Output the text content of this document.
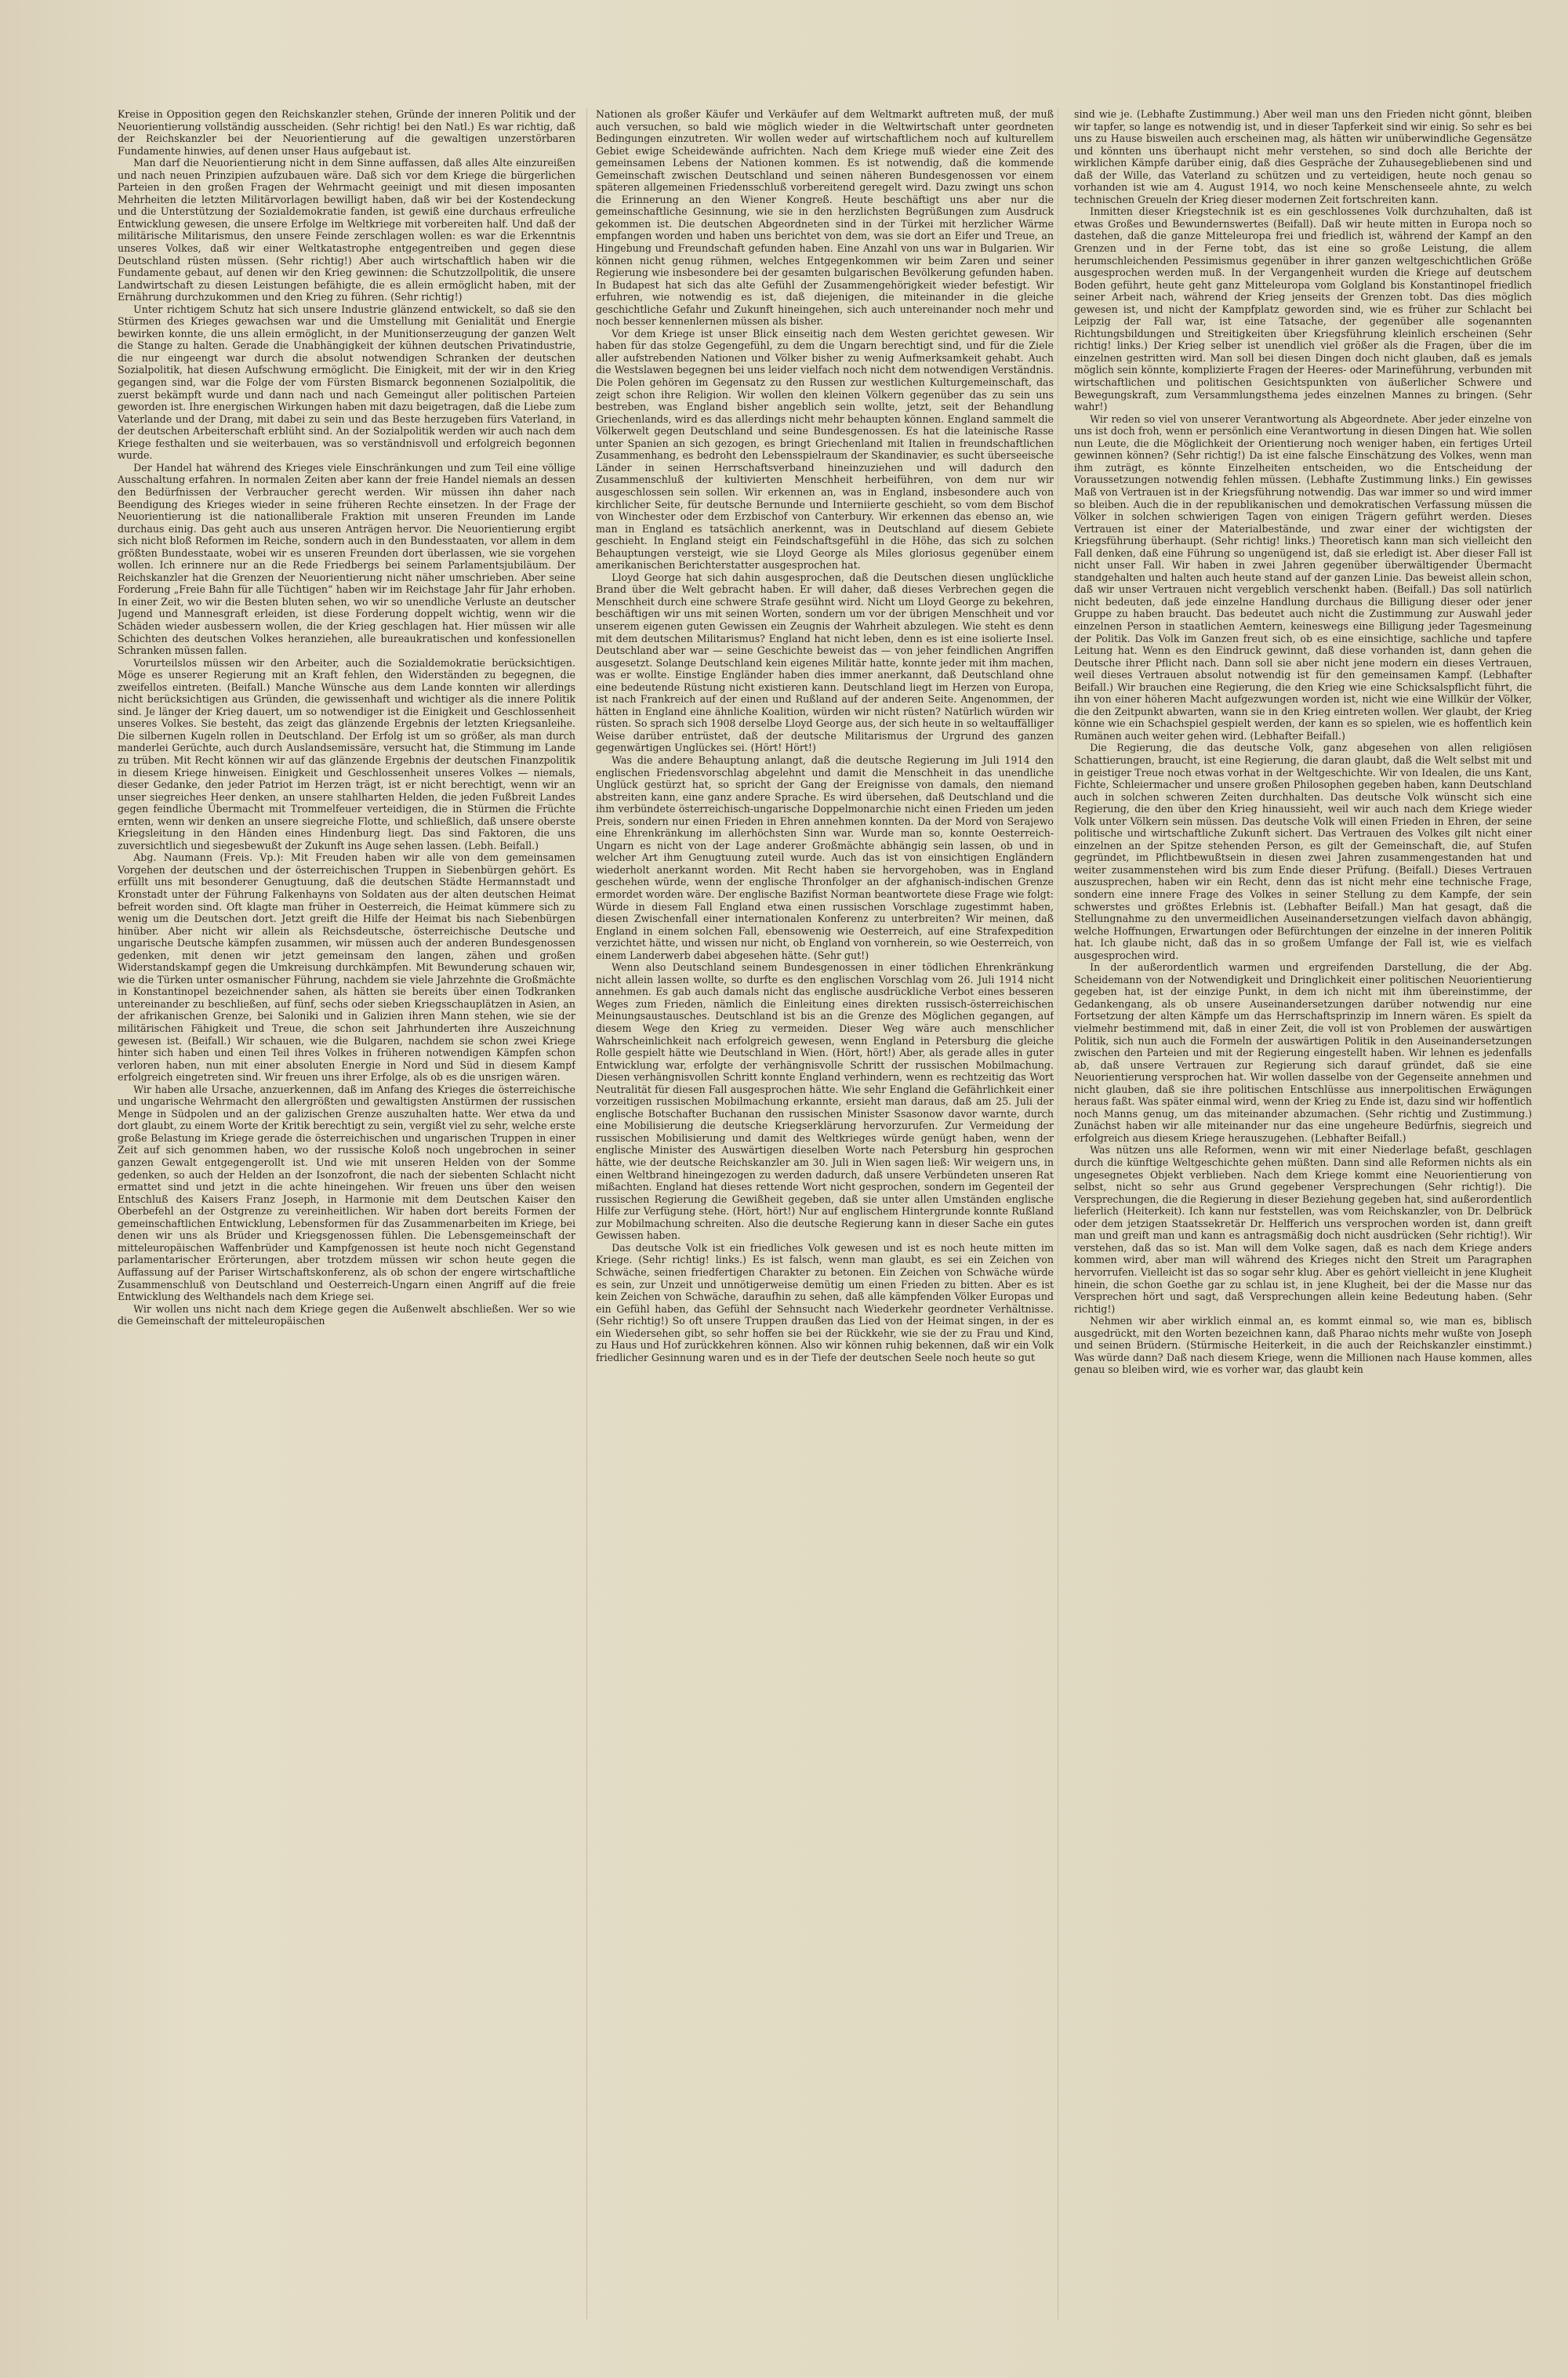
Kreise in Opposition gegen den Reichskanzler stehen, Gründe der inneren Politik und der Neuorientierung vollständig ausscheiden. (Sehr richtig! bei den Natl.) Es war richtig, daß der Reichskanzler bei der Neuorientierung auf die gewaltigen unzerstörbaren Fundamente hinwies, auf denen unser Haus aufgebaut ist.

Man darf die Neuorientierung nicht in dem Sinne auffassen, daß alles Alte einzureißen und nach neuen Prinzipien aufzubauen wäre. Daß sich vor dem Kriege die bürgerlichen Parteien in den großen Fragen der Wehrmacht geeinigt und mit diesen imposanten Mehrheiten die letzten Militärvorlagen bewilligt haben, daß wir bei der Kostendeckung und die Unterstützung der Sozialdemokratie fanden, ist gewiß eine durchaus erfreuliche Entwicklung gewesen, die unsere Erfolge im Weltkriege mit vorbereiten half. Und daß der militärische Militarismus, den unsere Feinde zerschlagen wollen: es war die Erkenntnis unseres Volkes, daß wir einer Weltkatastrophe entgegentreiben und gegen diese Deutschland rüsten müssen. (Sehr richtig!) Aber auch wirtschaftlich haben wir die Fundamente gebaut, auf denen wir den Krieg gewinnen: die Schutzzollpolitik, die unsere Landwirtschaft zu diesen Leistungen befähigte, die es allein ermöglicht haben, mit der Ernährung durchzukommen und den Krieg zu führen. (Sehr richtig!)

Unter richtigem Schutz hat sich unsere Industrie glänzend entwickelt, so daß sie den Stürmen des Krieges gewachsen war und die Umstellung mit Genialität und Energie bewirken konnte, die uns allein ermöglicht, in der Munitionserzeugung der ganzen Welt die Stange zu halten. Gerade die Unabhängigkeit der kühnen deutschen Privatindustrie, die nur eingeengt war durch die absolut notwendigen Schranken der deutschen Sozialpolitik, hat diesen Aufschwung ermöglicht. Die Einigkeit, mit der wir in den Krieg gegangen sind, war die Folge der vom Fürsten Bismarck begonnenen Sozialpolitik, die zuerst bekämpft wurde und dann nach und nach Gemeingut aller politischen Parteien geworden ist. Ihre energischen Wirkungen haben mit dazu beigetragen, daß die Liebe zum Vaterlande und der Drang, mit dabei zu sein und das Beste herzugeben fürs Vaterland, in der deutschen Arbeiterschaft erblüht sind. An der Sozialpolitik werden wir auch nach dem Kriege festhalten und sie weiterbauen, was so verständnisvoll und erfolgreich begonnen wurde.

Der Handel hat während des Krieges viele Einschränkungen und zum Teil eine völlige Ausschaltung erfahren. In normalen Zeiten aber kann der freie Handel niemals an dessen den Bedürfnissen der Verbraucher gerecht werden. Wir müssen ihn daher nach Beendigung des Krieges wieder in seine früheren Rechte einsetzen. In der Frage der Neuorientierung ist die nationalliberale Fraktion mit unseren Freunden im Lande durchaus einig. Das geht auch aus unseren Anträgen hervor. Die Neuorientierung ergibt sich nicht bloß Reformen im Reiche, sondern auch in den Bundesstaaten, vor allem in dem größten Bundesstaate, wobei wir es unseren Freunden dort überlassen, wie sie vorgehen wollen. Ich erinnere nur an die Rede Friedbergs bei seinem Parlamentsjubiläum. Der Reichskanzler hat die Grenzen der Neuorientierung nicht näher umschrieben. Aber seine Forderung „Freie Bahn für alle Tüchtigen“ haben wir im Reichstage Jahr für Jahr erhoben. In einer Zeit, wo wir die Besten bluten sehen, wo wir so unendliche Verluste an deutscher Jugend und Mannesgraft erleiden, ist diese Forderung doppelt wichtig, wenn wir die Schäden wieder ausbessern wollen, die der Krieg geschlagen hat. Hier müssen wir alle Schichten des deutschen Volkes heranziehen, alle bureaukratischen und konfessionellen Schranken müssen fallen.

Vorurteilslos müssen wir den Arbeiter, auch die Sozialdemokratie berücksichtigen. Möge es unserer Regierung mit an Kraft fehlen, den Widerständen zu begegnen, die zweifellos eintreten. (Beifall.) Manche Wünsche aus dem Lande konnten wir allerdings nicht berücksichtigen aus Gründen, die gewissenhaft und wichtiger als die innere Politik sind. Je länger der Krieg dauert, um so notwendiger ist die Einigkeit und Geschlossenheit unseres Volkes. Sie besteht, das zeigt das glänzende Ergebnis der letzten Kriegsanleihe. Die silbernen Kugeln rollen in Deutschland. Der Erfolg ist um so größer, als man durch manderlei Gerüchte, auch durch Auslandsemissäre, versucht hat, die Stimmung im Lande zu trüben. Mit Recht können wir auf das glänzende Ergebnis der deutschen Finanzpolitik in diesem Kriege hinweisen. Einigkeit und Geschlossenheit unseres Volkes — niemals, dieser Gedanke, den jeder Patriot im Herzen trägt, ist er nicht berechtigt, wenn wir an unser siegreiches Heer denken, an unsere stahlharten Helden, die jeden Fußbreit Landes gegen feindliche Übermacht mit Trommelfeuer verteidigen, die in Stürmen die Früchte ernten, wenn wir denken an unsere siegreiche Flotte, und schließlich, daß unsere oberste Kriegsleitung in den Händen eines Hindenburg liegt. Das sind Faktoren, die uns zuversichtlich und siegesbewußt der Zukunft ins Auge sehen lassen. (Lebh. Beifall.)

Abg. Naumann (Freis. Vp.): Mit Freuden haben wir alle von dem gemeinsamen Vorgehen der deutschen und der österreichischen Truppen in Siebenbürgen gehört. Es erfüllt uns mit besonderer Genugtuung, daß die deutschen Städte Hermannstadt und Kronstadt unter der Führung Falkenhayns von Soldaten aus der alten deutschen Heimat befreit worden sind. Oft klagte man früher in Oesterreich, die Heimat kümmere sich zu wenig um die Deutschen dort. Jetzt greift die Hilfe der Heimat bis nach Siebenbürgen hinüber. Aber nicht wir allein als Reichsdeutsche, österreichische Deutsche und ungarische Deutsche kämpfen zusammen, wir müssen auch der anderen Bundesgenossen gedenken, mit denen wir jetzt gemeinsam den langen, zähen und großen Widerstandskampf gegen die Umkreisung durchkämpfen. Mit Bewunderung schauen wir, wie die Türken unter osmanischer Führung, nachdem sie viele Jahrzehnte die Großmächte in Konstantinopel bezeichnender sahen, als hätten sie bereits über einen Todkranken untereinander zu beschließen, auf fünf, sechs oder sieben Kriegsschauplätzen in Asien, an der afrikanischen Grenze, bei Saloniki und in Galizien ihren Mann stehen, wie sie der militärischen Fähigkeit und Treue, die schon seit Jahrhunderten ihre Auszeichnung gewesen ist. (Beifall.) Wir schauen, wie die Bulgaren, nachdem sie schon zwei Kriege hinter sich haben und einen Teil ihres Volkes in früheren notwendigen Kämpfen schon verloren haben, nun mit einer absoluten Energie in Nord und Süd in diesem Kampf erfolgreich eingetreten sind. Wir freuen uns ihrer Erfolge, als ob es die unsrigen wären.

Wir haben alle Ursache, anzuerkennen, daß im Anfang des Krieges die österreichische und ungarische Wehrmacht den allergrößten und gewaltigsten Anstürmen der russischen Menge in Südpolen und an der galizischen Grenze auszuhalten hatte. Wer etwa da und dort glaubt, zu einem Worte der Kritik berechtigt zu sein, vergißt viel zu sehr, welche erste große Belastung im Kriege gerade die österreichischen und ungarischen Truppen in einer Zeit auf sich genommen haben, wo der russische Koloß noch ungebrochen in seiner ganzen Gewalt entgegengerollt ist. Und wie mit unseren Helden von der Somme gedenken, so auch der Helden an der Isonzofront, die nach der siebenten Schlacht nicht ermattet sind und jetzt in die achte hineingehen. Wir freuen uns über den weisen Entschluß des Kaisers Franz Joseph, in Harmonie mit dem Deutschen Kaiser den Oberbefehl an der Ostgrenze zu vereinheitlichen. Wir haben dort bereits Formen der gemeinschaftlichen Entwicklung, Lebensformen für das Zusammenarbeiten im Kriege, bei denen wir uns als Brüder und Kriegsgenossen fühlen. Die Lebensgemeinschaft der mitteleuropäischen Waffenbrüder und Kampfgenossen ist heute noch nicht Gegenstand parlamentarischer Erörterungen, aber trotzdem müssen wir schon heute gegen die Auffassung auf der Pariser Wirtschaftskonferenz, als ob schon der engere wirtschaftliche Zusammenschluß von Deutschland und Oesterreich-Ungarn einen Angriff auf die freie Entwicklung des Welthandels nach dem Kriege sei.

Wir wollen uns nicht nach dem Kriege gegen die Außenwelt abschließen. Wer so wie die Gemeinschaft der mitteleuropäischen

Nationen als großer Käufer und Verkäufer auf dem Weltmarkt auftreten muß, der muß auch versuchen, so bald wie möglich wieder in die Weltwirtschaft unter geordneten Bedingungen einzutreten. Wir wollen weder auf wirtschaftlichem noch auf kulturellem Gebiet ewige Scheidewände aufrichten. Nach dem Kriege muß wieder eine Zeit des gemeinsamen Lebens der Nationen kommen. Es ist notwendig, daß die kommende Gemeinschaft zwischen Deutschland und seinen näheren Bundesgenossen vor einem späteren allgemeinen Friedensschluß vorbereitend geregelt wird. Dazu zwingt uns schon die Erinnerung an den Wiener Kongreß. Heute beschäftigt uns aber nur die gemeinschaftliche Gesinnung, wie sie in den herzlichsten Begrüßungen zum Ausdruck gekommen ist. Die deutschen Abgeordneten sind in der Türkei mit herzlicher Wärme empfangen worden und haben uns berichtet von dem, was sie dort an Eifer und Treue, an Hingebung und Freundschaft gefunden haben. Eine Anzahl von uns war in Bulgarien. Wir können nicht genug rühmen, welches Entgegenkommen wir beim Zaren und seiner Regierung wie insbesondere bei der gesamten bulgarischen Bevölkerung gefunden haben. In Budapest hat sich das alte Gefühl der Zusammengehörigkeit wieder befestigt. Wir erfuhren, wie notwendig es ist, daß diejenigen, die miteinander in die gleiche geschichtliche Gefahr und Zukunft hineingehen, sich auch untereinander noch mehr und noch besser kennenlernen müssen als bisher.

Vor dem Kriege ist unser Blick einseitig nach dem Westen gerichtet gewesen. Wir haben für das stolze Gegengefühl, zu dem die Ungarn berechtigt sind, und für die Ziele aller aufstrebenden Nationen und Völker bisher zu wenig Aufmerksamkeit gehabt. Auch die Westslawen begegnen bei uns leider vielfach noch nicht dem notwendigen Verständnis. Die Polen gehören im Gegensatz zu den Russen zur westlichen Kulturgemeinschaft, das zeigt schon ihre Religion. Wir wollen den kleinen Völkern gegenüber das zu sein uns bestreben, was England bisher angeblich sein wollte, jetzt, seit der Behandlung Griechenlands, wird es das allerdings nicht mehr behaupten können. England sammelt die Völkerwelt gegen Deutschland und seine Bundesgenossen. Es hat die lateinische Rasse unter Spanien an sich gezogen, es bringt Griechenland mit Italien in freundschaftlichen Zusammenhang, es bedroht den Lebensspielraum der Skandinavier, es sucht überseeische Länder in seinen Herrschaftsverband hineinzuziehen und will dadurch den Zusammenschluß der kultivierten Menschheit herbeiführen, von dem nur wir ausgeschlossen sein sollen. Wir erkennen an, was in England, insbesondere auch von kirchlicher Seite, für deutsche Bernunde und Interniierte geschieht, so vom dem Bischof von Winchester oder dem Erzbischof von Canterbury. Wir erkennen das ebenso an, wie man in England es tatsächlich anerkennt, was in Deutschland auf diesem Gebiete geschieht. In England steigt ein Feindschaftsgefühl in die Höhe, das sich zu solchen Behauptungen versteigt, wie sie Lloyd George als Miles gloriosus gegenüber einem amerikanischen Berichterstatter ausgesprochen hat.

Lloyd George hat sich dahin ausgesprochen, daß die Deutschen diesen unglückliche Brand über die Welt gebracht haben. Er will daher, daß dieses Verbrechen gegen die Menschheit durch eine schwere Strafe gesühnt wird. Nicht um Lloyd George zu bekehren, beschäftigen wir uns mit seinen Worten, sondern um vor der übrigen Menschheit und vor unserem eigenen guten Gewissen ein Zeugnis der Wahrheit abzulegen. Wie steht es denn mit dem deutschen Militarismus? England hat nicht leben, denn es ist eine isolierte Insel. Deutschland aber war — seine Geschichte beweist das — von jeher feindlichen Angriffen ausgesetzt. Solange Deutschland kein eigenes Militär hatte, konnte jeder mit ihm machen, was er wollte. Einstige Engländer haben dies immer anerkannt, daß Deutschland ohne eine bedeutende Rüstung nicht existieren kann. Deutschland liegt im Herzen von Europa, ist nach Frankreich auf der einen und Rußland auf der anderen Seite. Angenommen, der hätten in England eine ähnliche Koalition, würden wir nicht rüsten? Natürlich würden wir rüsten. So sprach sich 1908 derselbe Lloyd George aus, der sich heute in so weltauffälliger Weise darüber entrüstet, daß der deutsche Militarismus der Urgrund des ganzen gegenwärtigen Unglückes sei. (Hört! Hört!)

Was die andere Behauptung anlangt, daß die deutsche Regierung im Juli 1914 den englischen Friedensvorschlag abgelehnt und damit die Menschheit in das unendliche Unglück gestürzt hat, so spricht der Gang der Ereignisse von damals, den niemand abstreiten kann, eine ganz andere Sprache. Es wird übersehen, daß Deutschland und die ihm verbündete österreichisch-ungarische Doppelmonarchie nicht einen Frieden um jeden Preis, sondern nur einen Frieden in Ehren annehmen konnten. Da der Mord von Serajewo eine Ehrenkränkung im allerhöchsten Sinn war. Wurde man so, konnte Oesterreich-Ungarn es nicht von der Lage anderer Großmächte abhängig sein lassen, ob und in welcher Art ihm Genugtuung zuteil wurde. Auch das ist von einsichtigen Engländern wiederholt anerkannt worden. Mit Recht haben sie hervorgehoben, was in England geschehen würde, wenn der englische Thronfolger an der afghanisch-indischen Grenze ermordet worden wäre. Der englische Bazifist Norman beantwortete diese Frage wie folgt: Würde in diesem Fall England etwa einen russischen Vorschlage zugestimmt haben, diesen Zwischenfall einer internationalen Konferenz zu unterbreiten? Wir meinen, daß England in einem solchen Fall, ebensowenig wie Oesterreich, auf eine Strafexpedition verzichtet hätte, und wissen nur nicht, ob England von vornherein, so wie Oesterreich, von einem Landerwerb dabei abgesehen hätte. (Sehr gut!)

Wenn also Deutschland seinem Bundesgenossen in einer tödlichen Ehrenkränkung nicht allein lassen wollte, so durfte es den englischen Vorschlag vom 26. Juli 1914 nicht annehmen. Es gab auch damals nicht das englische ausdrückliche Verbot eines besseren Weges zum Frieden, nämlich die Einleitung eines direkten russisch-österreichischen Meinungsaustausches. Deutschland ist bis an die Grenze des Möglichen gegangen, auf diesem Wege den Krieg zu vermeiden. Dieser Weg wäre auch menschlicher Wahrscheinlichkeit nach erfolgreich gewesen, wenn England in Petersburg die gleiche Rolle gespielt hätte wie Deutschland in Wien. (Hört, hört!) Aber, als gerade alles in guter Entwicklung war, erfolgte der verhängnisvolle Schritt der russischen Mobilmachung. Diesen verhängnisvollen Schritt konnte England verhindern, wenn es rechtzeitig das Wort Neutralität für diesen Fall ausgesprochen hätte. Wie sehr England die Gefährlichkeit einer vorzeitigen russischen Mobilmachung erkannte, ersieht man daraus, daß am 25. Juli der englische Botschafter Buchanan den russischen Minister Ssasonow davor warnte, durch eine Mobilisierung die deutsche Kriegserklärung hervorzurufen. Zur Vermeidung der russischen Mobilisierung und damit des Weltkrieges würde genügt haben, wenn der englische Minister des Auswärtigen dieselben Worte nach Petersburg hin gesprochen hätte, wie der deutsche Reichskanzler am 30. Juli in Wien sagen ließ: Wir weigern uns, in einen Weltbrand hineingezogen zu werden dadurch, daß unsere Verbündeten unseren Rat mißachten. England hat dieses rettende Wort nicht gesprochen, sondern im Gegenteil der russischen Regierung die Gewißheit gegeben, daß sie unter allen Umständen englische Hilfe zur Verfügung stehe. (Hört, hört!) Nur auf englischem Hintergrunde konnte Rußland zur Mobilmachung schreiten. Also die deutsche Regierung kann in dieser Sache ein gutes Gewissen haben.

Das deutsche Volk ist ein friedliches Volk gewesen und ist es noch heute mitten im Kriege. (Sehr richtig! links.) Es ist falsch, wenn man glaubt, es sei ein Zeichen von Schwäche, seinen friedfertigen Charakter zu betonen. Ein Zeichen von Schwäche würde es sein, zur Unzeit und unnötigerweise demütig um einen Frieden zu bitten. Aber es ist kein Zeichen von Schwäche, daraufhin zu sehen, daß alle kämpfenden Völker Europas und ein Gefühl haben, das Gefühl der Sehnsucht nach Wiederkehr geordneter Verhältnisse. (Sehr richtig!) So oft unsere Truppen draußen das Lied von der Heimat singen, in der es ein Wiedersehen gibt, so sehr hoffen sie bei der Rückkehr, wie sie der zu Frau und Kind, zu Haus und Hof zurückkehren können. Also wir können ruhig bekennen, daß wir ein Volk friedlicher Gesinnung waren und es in der Tiefe der deutschen Seele noch heute so gut

sind wie je. (Lebhafte Zustimmung.) Aber weil man uns den Frieden nicht gönnt, bleiben wir tapfer, so lange es notwendig ist, und in dieser Tapferkeit sind wir einig. So sehr es bei uns zu Hause bisweilen auch erscheinen mag, als hätten wir unüberwindliche Gegensätze und könnten uns überhaupt nicht mehr verstehen, so sind doch alle Berichte der wirklichen Kämpfe darüber einig, daß dies Gespräche der Zuhausegebliebenen sind und daß der Wille, das Vaterland zu schützen und zu verteidigen, heute noch genau so vorhanden ist wie am 4. August 1914, wo noch keine Menschenseele ahnte, zu welch technischen Greueln der Krieg dieser modernen Zeit fortschreiten kann.

Inmitten dieser Kriegstechnik ist es ein geschlossenes Volk durchzuhalten, daß ist etwas Großes und Bewundernswertes (Beifall). Daß wir heute mitten in Europa noch so dastehen, daß die ganze Mitteleuropa frei und friedlich ist, während der Kampf an den Grenzen und in der Ferne tobt, das ist eine so große Leistung, die allem herumschleichenden Pessimismus gegenüber in ihrer ganzen weltgeschichtlichen Größe ausgesprochen werden muß. In der Vergangenheit wurden die Kriege auf deutschem Boden geführt, heute geht ganz Mitteleuropa vom Golgland bis Konstantinopel friedlich seiner Arbeit nach, während der Krieg jenseits der Grenzen tobt. Das dies möglich gewesen ist, und nicht der Kampfplatz geworden sind, wie es früher zur Schlacht bei Leipzig der Fall war, ist eine Tatsache, der gegenüber alle sogenannten Richtungsbildungen und Streitigkeiten über Kriegsführung kleinlich erscheinen (Sehr richtig! links.) Der Krieg selber ist unendlich viel größer als die Fragen, über die im einzelnen gestritten wird. Man soll bei diesen Dingen doch nicht glauben, daß es jemals möglich sein könnte, komplizierte Fragen der Heeres- oder Marineführung, verbunden mit wirtschaftlichen und politischen Gesichtspunkten von äußerlicher Schwere und Bewegungskraft, zum Versammlungsthema jedes einzelnen Mannes zu bringen. (Sehr wahr!)

Wir reden so viel von unserer Verantwortung als Abgeordnete. Aber jeder einzelne von uns ist doch froh, wenn er persönlich eine Verantwortung in diesen Dingen hat. Wie sollen nun Leute, die die Möglichkeit der Orientierung noch weniger haben, ein fertiges Urteil gewinnen können? (Sehr richtig!) Da ist eine falsche Einschätzung des Volkes, wenn man ihm zuträgt, es könnte Einzelheiten entscheiden, wo die Entscheidung der Voraussetzungen notwendig fehlen müssen. (Lebhafte Zustimmung links.) Ein gewisses Maß von Vertrauen ist in der Kriegsführung notwendig. Das war immer so und wird immer so bleiben. Auch die in der republikanischen und demokratischen Verfassung müssen die Völker in solchen schwierigen Tagen von einigen Trägern geführt werden. Dieses Vertrauen ist einer der Materialbestände, und zwar einer der wichtigsten der Kriegsführung überhaupt. (Sehr richtig! links.) Theoretisch kann man sich vielleicht den Fall denken, daß eine Führung so ungenügend ist, daß sie erledigt ist. Aber dieser Fall ist nicht unser Fall. Wir haben in zwei Jahren gegenüber überwältigender Übermacht standgehalten und halten auch heute stand auf der ganzen Linie. Das beweist allein schon, daß wir unser Vertrauen nicht vergeblich verschenkt haben. (Beifall.) Das soll natürlich nicht bedeuten, daß jede einzelne Handlung durchaus die Billigung dieser oder jener Gruppe zu haben braucht. Das bedeutet auch nicht die Zustimmung zur Auswahl jeder einzelnen Person in staatlichen Aemtern, keineswegs eine Billigung jeder Tagesmeinung der Politik. Das Volk im Ganzen freut sich, ob es eine einsichtige, sachliche und tapfere Leitung hat. Wenn es den Eindruck gewinnt, daß diese vorhanden ist, dann gehen die Deutsche ihrer Pflicht nach. Dann soll sie aber nicht jene modern ein dieses Vertrauen, weil dieses Vertrauen absolut notwendig ist für den gemeinsamen Kampf. (Lebhafter Beifall.) Wir brauchen eine Regierung, die den Krieg wie eine Schicksalspflicht führt, die ihn von einer höheren Macht aufgezwungen worden ist, nicht wie eine Willkür der Völker, die den Zeitpunkt abwarten, wann sie in den Krieg eintreten wollen. Wer glaubt, der Krieg könne wie ein Schachspiel gespielt werden, der kann es so spielen, wie es hoffentlich kein Rumänen auch weiter gehen wird. (Lebhafter Beifall.)

Die Regierung, die das deutsche Volk, ganz abgesehen von allen religiösen Schattierungen, braucht, ist eine Regierung, die daran glaubt, daß die Welt selbst mit und in geistiger Treue noch etwas vorhat in der Weltgeschichte. Wir von Idealen, die uns Kant, Fichte, Schleiermacher und unsere großen Philosophen gegeben haben, kann Deutschland auch in solchen schweren Zeiten durchhalten. Das deutsche Volk wünscht sich eine Regierung, die den über den Krieg hinaussieht, weil wir auch nach dem Kriege wieder Volk unter Völkern sein müssen. Das deutsche Volk will einen Frieden in Ehren, der seine politische und wirtschaftliche Zukunft sichert. Das Vertrauen des Volkes gilt nicht einer einzelnen an der Spitze stehenden Person, es gilt der Gemeinschaft, die, auf Stufen gegründet, im Pflichtbewußtsein in diesen zwei Jahren zusammengestanden hat und weiter zusammenstehen wird bis zum Ende dieser Prüfung. (Beifall.) Dieses Vertrauen auszusprechen, haben wir ein Recht, denn das ist nicht mehr eine technische Frage, sondern eine innere Frage des Volkes in seiner Stellung zu dem Kampfe, der sein schwerstes und größtes Erlebnis ist. (Lebhafter Beifall.) Man hat gesagt, daß die Stellungnahme zu den unvermeidlichen Auseinandersetzungen vielfach davon abhängig, welche Hoffnungen, Erwartungen oder Befürchtungen der einzelne in der inneren Politik hat. Ich glaube nicht, daß das in so großem Umfange der Fall ist, wie es vielfach ausgesprochen wird.

In der außerordentlich warmen und ergreifenden Darstellung, die der Abg. Scheidemann von der Notwendigkeit und Dringlichkeit einer politischen Neuorientierung gegeben hat, ist der einzige Punkt, in dem ich nicht mit ihm übereinstimme, der Gedankengang, als ob unsere Auseinandersetzungen darüber notwendig nur eine Fortsetzung der alten Kämpfe um das Herrschaftsprinzip im Innern wären. Es spielt da vielmehr bestimmend mit, daß in einer Zeit, die voll ist von Problemen der auswärtigen Politik, sich nun auch die Formeln der auswärtigen Politik in den Auseinandersetzungen zwischen den Parteien und mit der Regierung eingestellt haben. Wir lehnen es jedenfalls ab, daß unsere Vertrauen zur Regierung sich darauf gründet, daß sie eine Neuorientierung versprochen hat. Wir wollen dasselbe von der Gegenseite annehmen und nicht glauben, daß sie ihre politischen Entschlüsse aus innerpolitischen Erwägungen heraus faßt. Was später einmal wird, wenn der Krieg zu Ende ist, dazu sind wir hoffentlich noch Manns genug, um das miteinander abzumachen. (Sehr richtig und Zustimmung.) Zunächst haben wir alle miteinander nur das eine ungeheure Bedürfnis, siegreich und erfolgreich aus diesem Kriege herauszugehen. (Lebhafter Beifall.)

Was nützen uns alle Reformen, wenn wir mit einer Niederlage befaßt, geschlagen durch die künftige Weltgeschichte gehen müßten. Dann sind alle Reformen nichts als ein ungesegnetes Objekt verblieben. Nach dem Kriege kommt eine Neuorientierung von selbst, nicht so sehr aus Grund gegebener Versprechungen (Sehr richtig!). Die Versprechungen, die die Regierung in dieser Beziehung gegeben hat, sind außerordentlich lieferlich (Heiterkeit). Ich kann nur feststellen, was vom Reichskanzler, von Dr. Delbrück oder dem jetzigen Staatssekretär Dr. Helfferich uns versprochen worden ist, dann greift man und greift man und kann es antragsmäßig doch nicht ausdrücken (Sehr richtig!). Wir verstehen, daß das so ist. Man will dem Volke sagen, daß es nach dem Kriege anders kommen wird, aber man will während des Krieges nicht den Streit um Paragraphen hervorrufen. Vielleicht ist das so sogar sehr klug. Aber es gehört vielleicht in jene Klugheit hinein, die schon Goethe gar zu schlau ist, in jene Klugheit, bei der die Masse nur das Versprechen hört und sagt, daß Versprechungen allein keine Bedeutung haben. (Sehr richtig!)

Nehmen wir aber wirklich einmal an, es kommt einmal so, wie man es, biblisch ausgedrückt, mit den Worten bezeichnen kann, daß Pharao nichts mehr wußte von Joseph und seinen Brüdern. (Stürmische Heiterkeit, in die auch der Reichskanzler einstimmt.) Was würde dann? Daß nach diesem Kriege, wenn die Millionen nach Hause kommen, alles genau so bleiben wird, wie es vorher war, das glaubt kein
